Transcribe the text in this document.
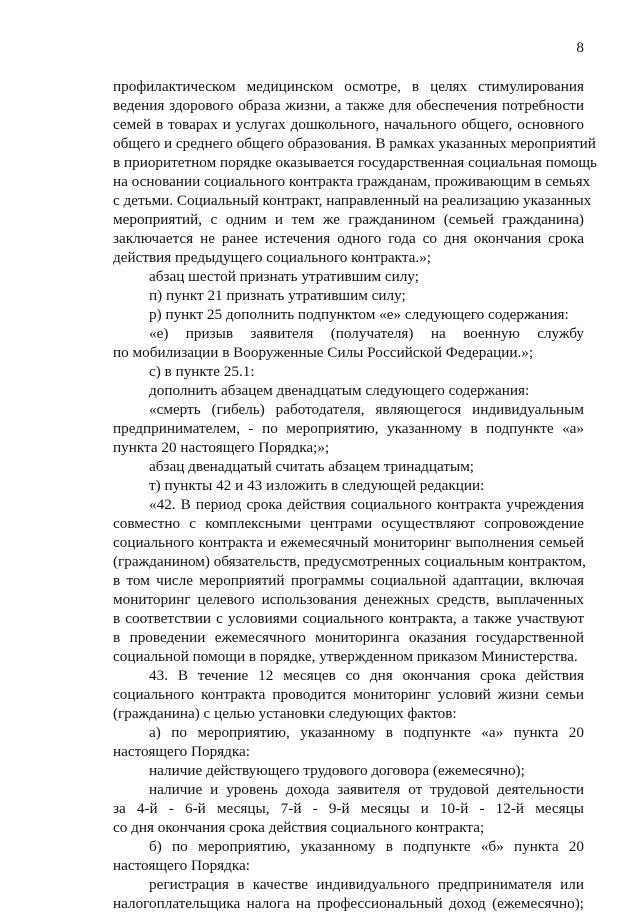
8
профилактическом медицинском осмотре, в целях стимулирования
ведения здорового образа жизни, а также для обеспечения потребности
семей в товарах и услугах дошкольного, начального общего, основного
общего и среднего общего образования. В рамках указанных мероприятий
в приоритетном порядке оказывается государственная социальная помощь
на основании социального контракта гражданам, проживающим в семьях
с детьми. Социальный контракт, направленный на реализацию указанных
мероприятий, с одним и тем же гражданином (семьей гражданина)
заключается не ранее истечения одного года со дня окончания срока
действия предыдущего социального контракта.»;
абзац шестой признать утратившим силу;
п) пункт 21 признать утратившим силу;
р) пункт 25 дополнить подпунктом «е» следующего содержания:
«е) призыв заявителя (получателя) на военную службу
по мобилизации в Вооруженные Силы Российской Федерации.»;
с) в пункте 25.1:
дополнить абзацем двенадцатым следующего содержания:
«смерть (гибель) работодателя, являющегося индивидуальным
предпринимателем, - по мероприятию, указанному в подпункте «а»
пункта 20 настоящего Порядка;»;
абзац двенадцатый считать абзацем тринадцатым;
т) пункты 42 и 43 изложить в следующей редакции:
«42. В период срока действия социального контракта учреждения
совместно с комплексными центрами осуществляют сопровождение
социального контракта и ежемесячный мониторинг выполнения семьей
(гражданином) обязательств, предусмотренных социальным контрактом,
в том числе мероприятий программы социальной адаптации, включая
мониторинг целевого использования денежных средств, выплаченных
в соответствии с условиями социального контракта, а также участвуют
в проведении ежемесячного мониторинга оказания государственной
социальной помощи в порядке, утвержденном приказом Министерства.
43. В течение 12 месяцев со дня окончания срока действия
социального контракта проводится мониторинг условий жизни семьи
(гражданина) с целью установки следующих фактов:
а) по мероприятию, указанному в подпункте «а» пункта 20
настоящего Порядка:
наличие действующего трудового договора (ежемесячно);
наличие и уровень дохода заявителя от трудовой деятельности
за 4-й - 6-й месяцы, 7-й - 9-й месяцы и 10-й - 12-й месяцы
со дня окончания срока действия социального контракта;
б) по мероприятию, указанному в подпункте «б» пункта 20
настоящего Порядка:
регистрация в качестве индивидуального предпринимателя или
налогоплательщика налога на профессиональный доход (ежемесячно);
